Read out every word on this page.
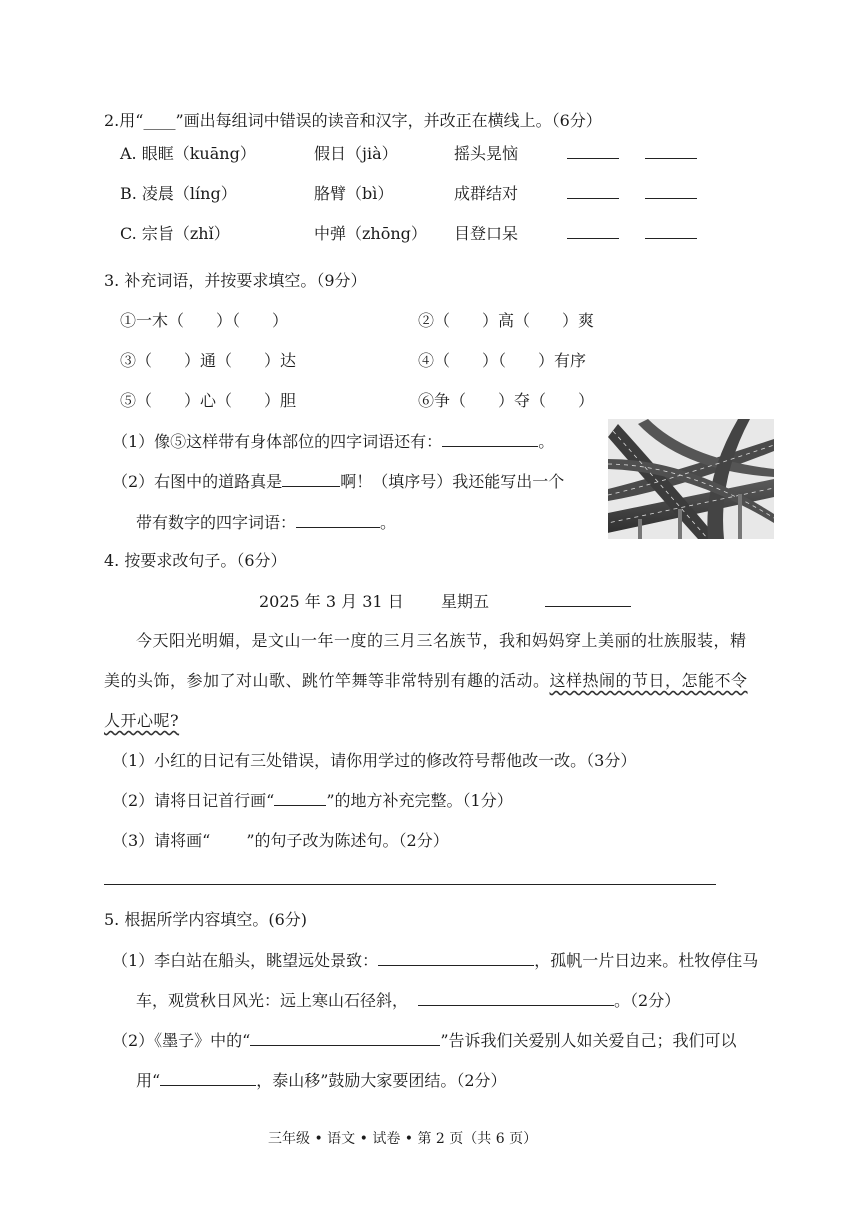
2.用“____”画出每组词中错误的读音和汉字，并改正在横线上。（6分）
A. 眼眶（kuāng）	假日（jià）	摇头晃恼
B. 凌晨（líng）	胳臂（bì）	成群结对
C. 宗旨（zhǐ）	中弹（zhōng） 目登口呆
3. 补充词语，并按要求填空。（9分）
①一木（　　）（　　）	②（　　）高（　　）爽
③（　　）通（　　）达	④（　　）（　　）有序
⑤（　　）心（　　）胆	⑥争（　　）夺（　　）
（1）像⑤这样带有身体部位的四字词语还有：	。
（2）右图中的道路真是	啊！（填序号）我还能写出一个
带有数字的四字词语：	。
4. 按要求改句子。（6分）
2025 年 3 月 31 日 星期五
今天阳光明媚，是文山一年一度的三月三名族节，我和妈妈穿上美丽的壮族服装，精
美的头饰，参加了对山歌、跳竹竿舞等非常特别有趣的活动。这样热闹的节日，怎能不令
人开心呢?
（1）小红的日记有三处错误，请你用学过的修改符号帮他改一改。（3分）
（2）请将日记首行画“	”的地方补充完整。（1分）
（3）请将画“ ”的句子改为陈述句。（2分）
5. 根据所学内容填空。(6分)
（1）李白站在船头，眺望远处景致：	，孤帆一片日边来。杜牧停住马
车，观赏秋日风光：远上寒山石径斜，	。（2分）
（2）《墨子》中的“	”告诉我们关爱别人如关爱自己；我们可以
用“	，泰山移”鼓励大家要团结。（2分）
三年级 • 语文 • 试卷 • 第 2 页（共 6 页）
